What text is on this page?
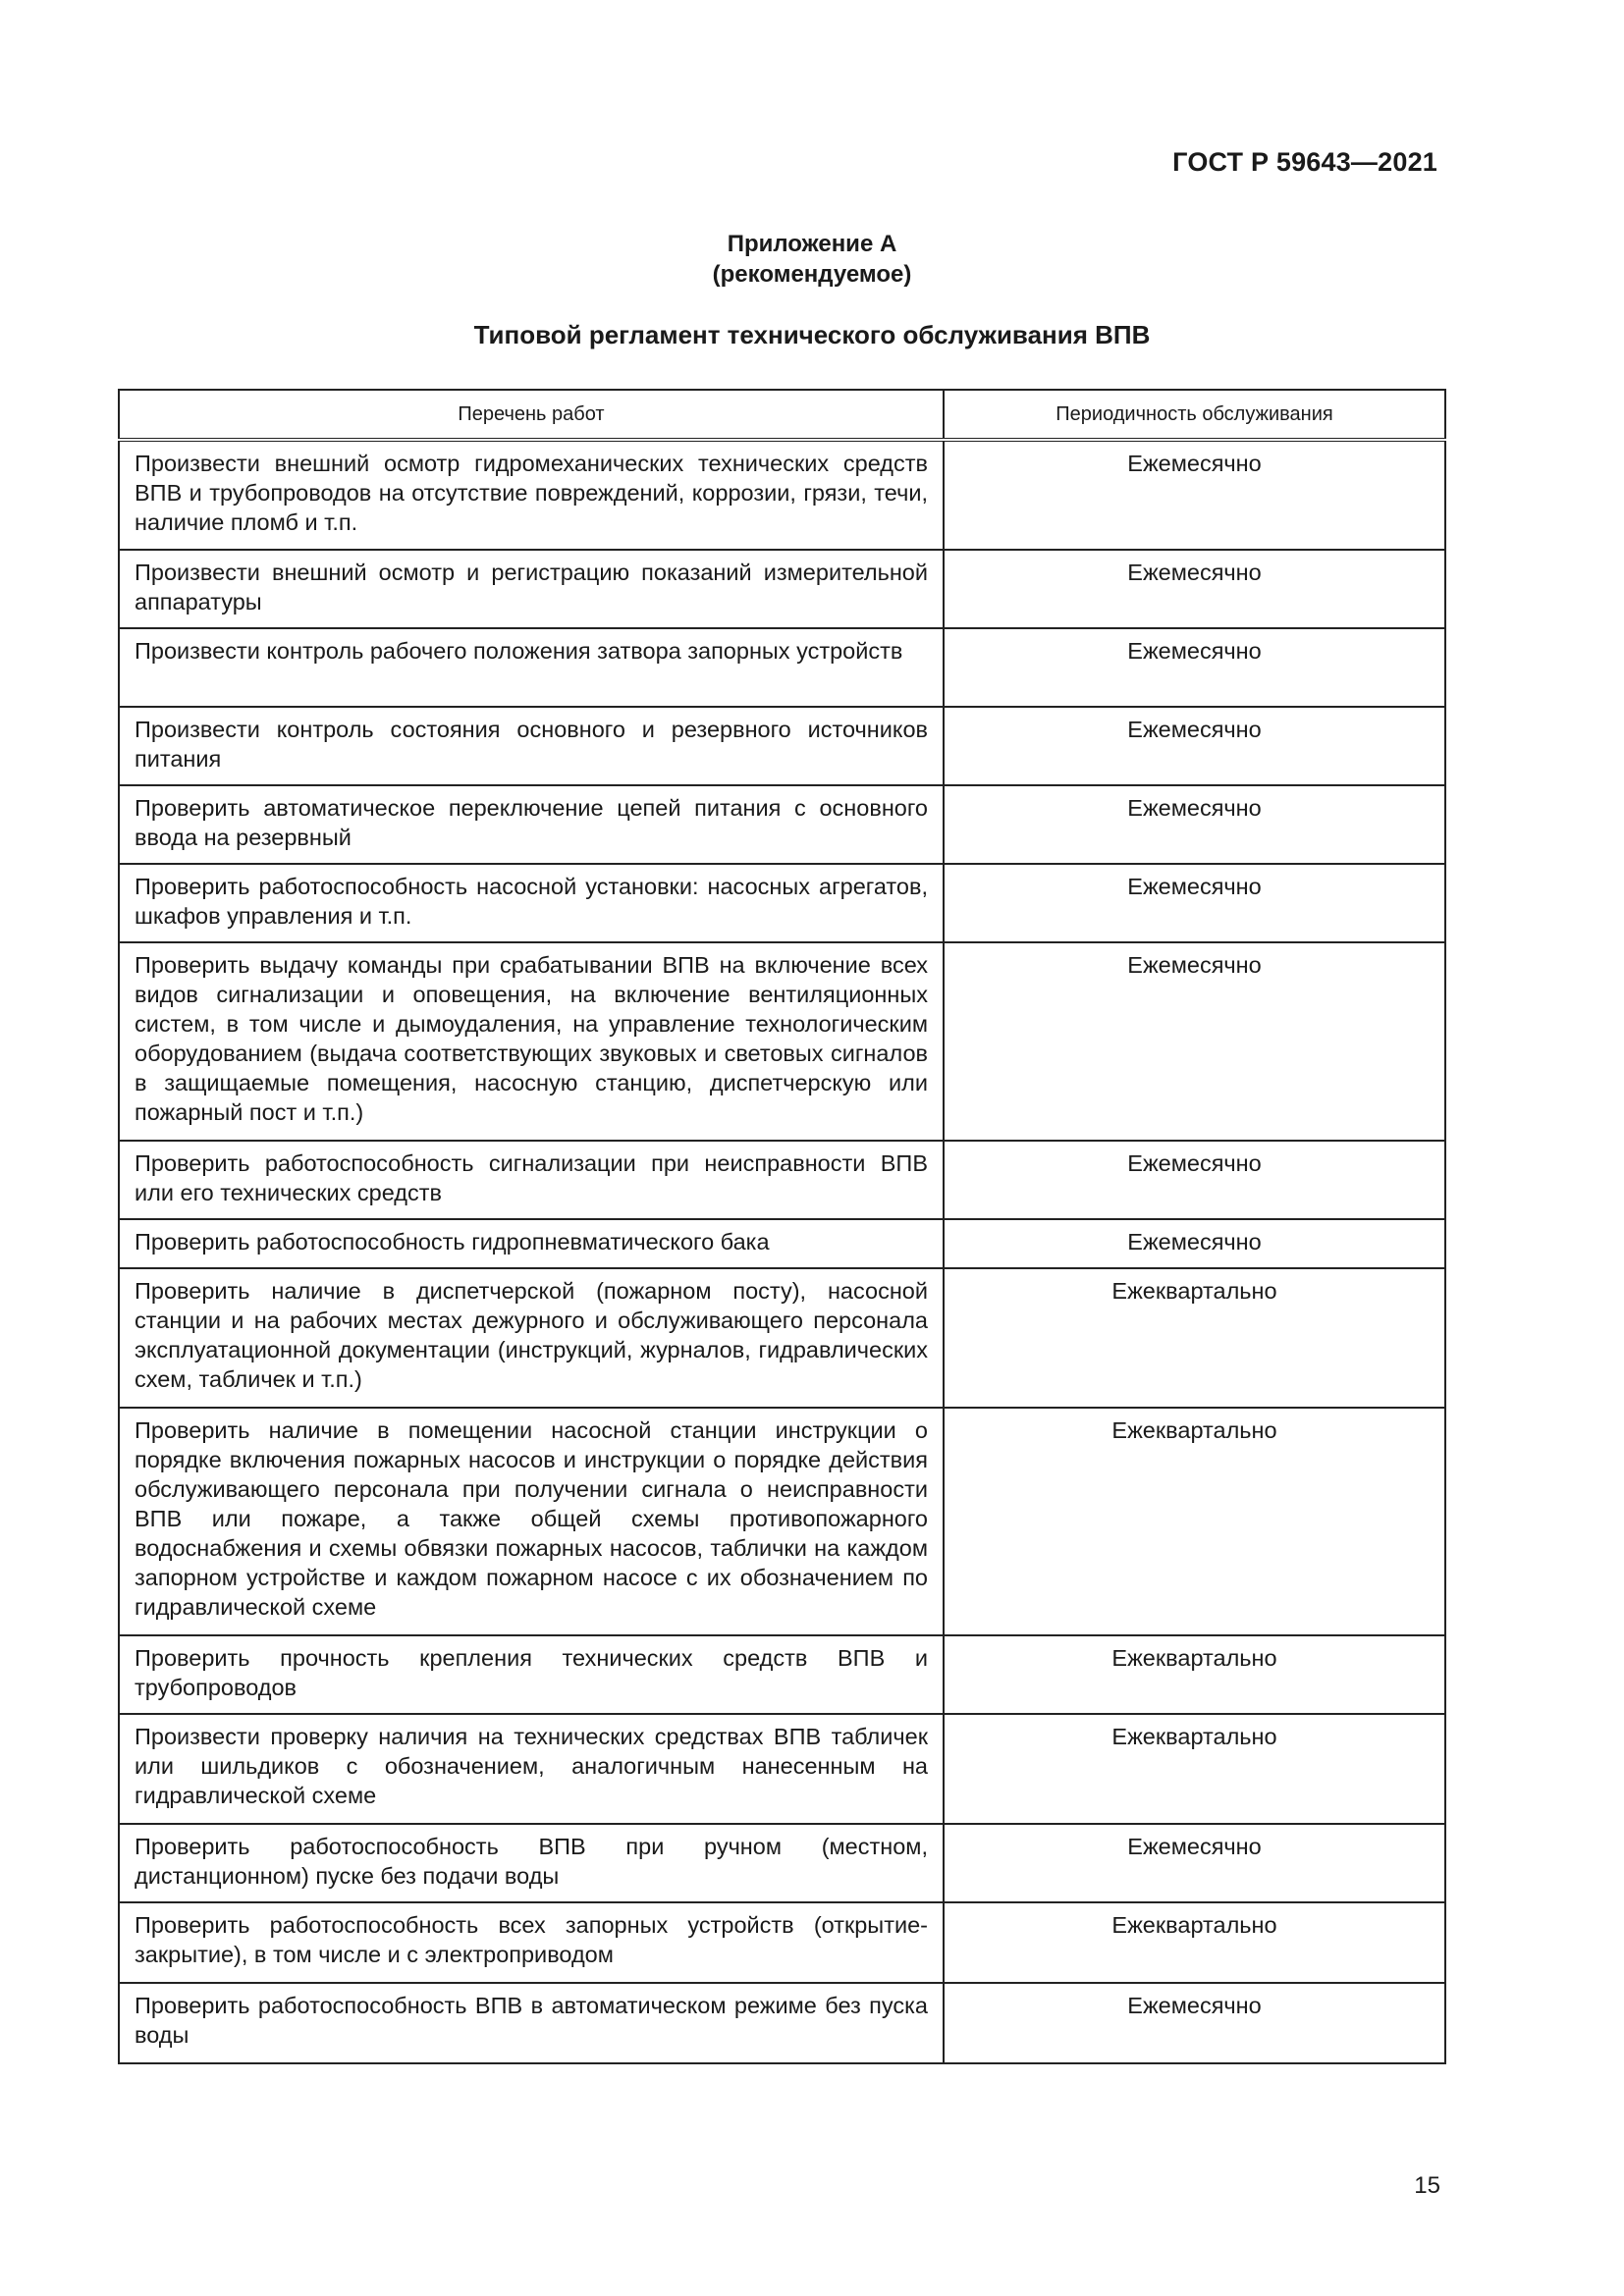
ГОСТ Р 59643—2021
Приложение А
(рекомендуемое)
Типовой регламент технического обслуживания ВПВ
Перечень работ	Периодичность обслуживания
Произвести внешний осмотр гидромеханических технических средств ВПВ и трубопроводов на отсутствие повреждений, коррозии, грязи, течи, наличие пломб и т.п.	Ежемесячно
Произвести внешний осмотр и регистрацию показаний измерительной аппаратуры	Ежемесячно
Произвести контроль рабочего положения затвора запорных устройств	Ежемесячно
Произвести контроль состояния основного и резервного источников питания	Ежемесячно
Проверить автоматическое переключение цепей питания с основного ввода на резервный	Ежемесячно
Проверить работоспособность насосной установки: насосных агрегатов, шкафов управления и т.п.	Ежемесячно
Проверить выдачу команды при срабатывании ВПВ на включение всех видов сигнализации и оповещения, на включение вентиляционных систем, в том числе и дымоудаления, на управление технологическим оборудованием (выдача соответствующих звуковых и световых сигналов в защищаемые помещения, насосную станцию, диспетчерскую или пожарный пост и т.п.)	Ежемесячно
Проверить работоспособность сигнализации при неисправности ВПВ или его технических средств	Ежемесячно
Проверить работоспособность гидропневматического бака	Ежемесячно
Проверить наличие в диспетчерской (пожарном посту), насосной станции и на рабочих местах дежурного и обслуживающего персонала эксплуатационной документации (инструкций, журналов, гидравлических схем, табличек и т.п.)	Ежеквартально
Проверить наличие в помещении насосной станции инструкции о порядке включения пожарных насосов и инструкции о порядке действия обслуживающего персонала при получении сигнала о неисправности ВПВ или пожаре, а также общей схемы противопожарного водоснабжения и схемы обвязки пожарных насосов, таблички на каждом запорном устройстве и каждом пожарном насосе с их обозначением по гидравлической схеме	Ежеквартально
Проверить прочность крепления технических средств ВПВ и трубопроводов	Ежеквартально
Произвести проверку наличия на технических средствах ВПВ табличек или шильдиков с обозначением, аналогичным нанесенным на гидравлической схеме	Ежеквартально
Проверить работоспособность ВПВ при ручном (местном, дистанционном) пуске без подачи воды	Ежемесячно
Проверить работоспособность всех запорных устройств (открытие-закрытие), в том числе и с электроприводом	Ежеквартально
Проверить работоспособность ВПВ в автоматическом режиме без пуска воды	Ежемесячно
15
